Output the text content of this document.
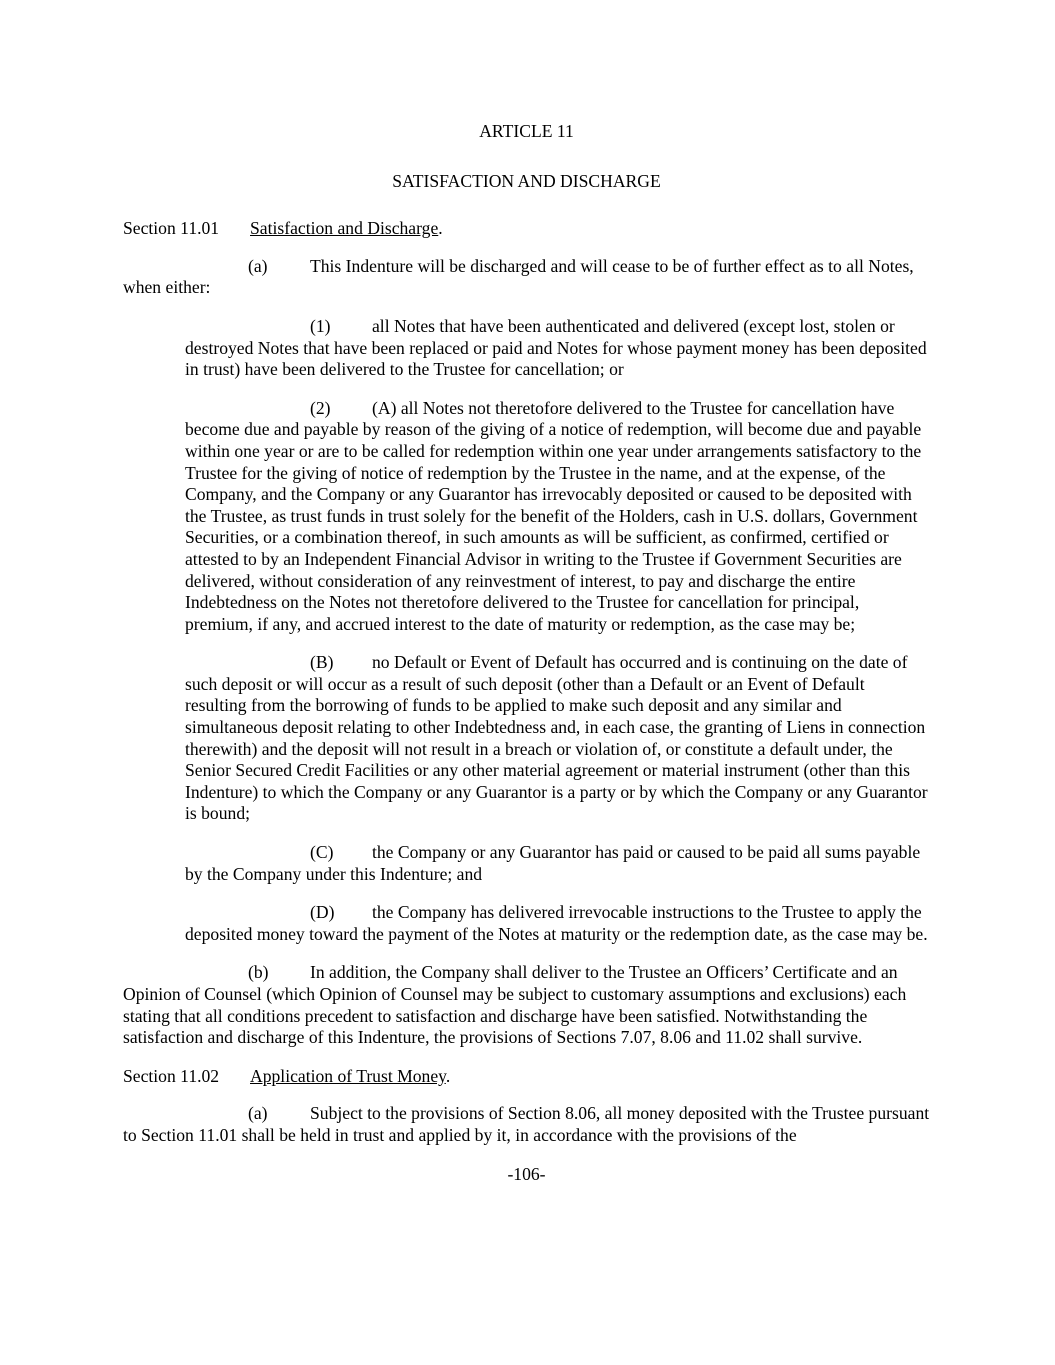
ARTICLE 11
SATISFACTION AND DISCHARGE

Section 11.01 Satisfaction and Discharge.

(a) This Indenture will be discharged and will cease to be of further effect as to all Notes, when either:

(1) all Notes that have been authenticated and delivered (except lost, stolen or destroyed Notes that have been replaced or paid and Notes for whose payment money has been deposited in trust) have been delivered to the Trustee for cancellation; or

(2) (A) all Notes not theretofore delivered to the Trustee for cancellation have become due and payable by reason of the giving of a notice of redemption, will become due and payable within one year or are to be called for redemption within one year under arrangements satisfactory to the Trustee for the giving of notice of redemption by the Trustee in the name, and at the expense, of the Company, and the Company or any Guarantor has irrevocably deposited or caused to be deposited with the Trustee, as trust funds in trust solely for the benefit of the Holders, cash in U.S. dollars, Government Securities, or a combination thereof, in such amounts as will be sufficient, as confirmed, certified or attested to by an Independent Financial Advisor in writing to the Trustee if Government Securities are delivered, without consideration of any reinvestment of interest, to pay and discharge the entire Indebtedness on the Notes not theretofore delivered to the Trustee for cancellation for principal, premium, if any, and accrued interest to the date of maturity or redemption, as the case may be;

(B) no Default or Event of Default has occurred and is continuing on the date of such deposit or will occur as a result of such deposit (other than a Default or an Event of Default resulting from the borrowing of funds to be applied to make such deposit and any similar and simultaneous deposit relating to other Indebtedness and, in each case, the granting of Liens in connection therewith) and the deposit will not result in a breach or violation of, or constitute a default under, the Senior Secured Credit Facilities or any other material agreement or material instrument (other than this Indenture) to which the Company or any Guarantor is a party or by which the Company or any Guarantor is bound;

(C) the Company or any Guarantor has paid or caused to be paid all sums payable by the Company under this Indenture; and

(D) the Company has delivered irrevocable instructions to the Trustee to apply the deposited money toward the payment of the Notes at maturity or the redemption date, as the case may be.

(b) In addition, the Company shall deliver to the Trustee an Officers’ Certificate and an Opinion of Counsel (which Opinion of Counsel may be subject to customary assumptions and exclusions) each stating that all conditions precedent to satisfaction and discharge have been satisfied. Notwithstanding the satisfaction and discharge of this Indenture, the provisions of Sections 7.07, 8.06 and 11.02 shall survive.

Section 11.02 Application of Trust Money.

(a) Subject to the provisions of Section 8.06, all money deposited with the Trustee pursuant to Section 11.01 shall be held in trust and applied by it, in accordance with the provisions of the

-106-
